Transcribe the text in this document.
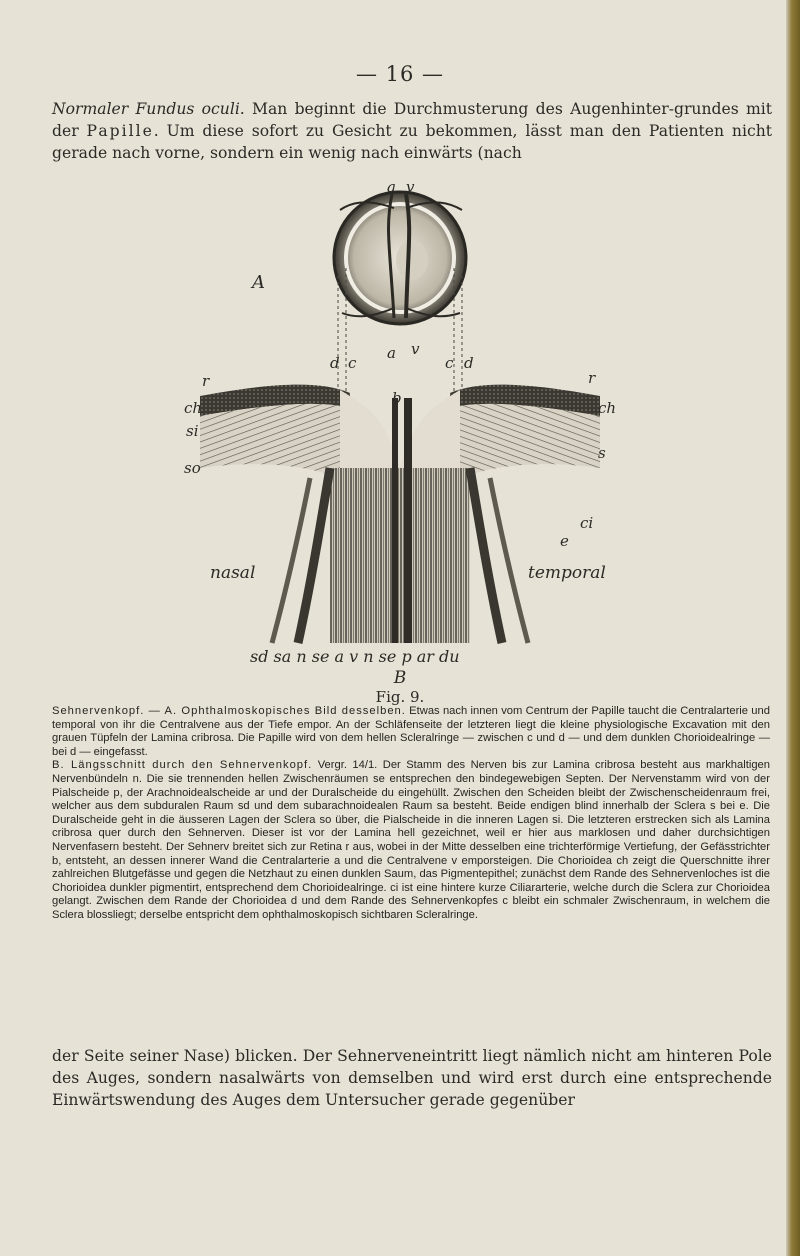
— 16 —
Normaler Fundus oculi. Man beginnt die Durchmusterung des Augenhinter-grundes mit der Papille. Um diese sofort zu Gesicht zu bekommen, lässt man den Patienten nicht gerade nach vorne, sondern ein wenig nach einwärts (nach
a v
A
d c
a v
c d
r	r
ch	ch
si
so
b
s
ci
e
nasal	temporal
sd sa n se a v n se p ar du
B
Fig. 9.

Sehnervenkopf. — A. Ophthalmoskopisches Bild desselben. Etwas nach innen vom Centrum der Papille taucht die Centralarterie und temporal von ihr die Centralvene aus der Tiefe empor. An der Schläfenseite der letzteren liegt die kleine physiologische Excavation mit den grauen Tüpfeln der Lamina cribrosa. Die Papille wird von dem hellen Scleralringe — zwischen c und d — und dem dunklen Chorioidealringe — bei d — eingefasst.

B. Längsschnitt durch den Sehnervenkopf. Vergr. 14/1. Der Stamm des Nerven bis zur Lamina cribrosa besteht aus markhaltigen Nervenbündeln n. Die sie trennenden hellen Zwischenräumen se entsprechen den bindegewebigen Septen. Der Nervenstamm wird von der Pialscheide p, der Arachnoidealscheide ar und der Duralscheide du eingehüllt. Zwischen den Scheiden bleibt der Zwischenscheidenraum frei, welcher aus dem subduralen Raum sd und dem subarachnoidealen Raum sa besteht. Beide endigen blind innerhalb der Sclera s bei e. Die Duralscheide geht in die äusseren Lagen der Sclera so über, die Pialscheide in die inneren Lagen si. Die letzteren erstrecken sich als Lamina cribrosa quer durch den Sehnerven. Dieser ist vor der Lamina hell gezeichnet, weil er hier aus marklosen und daher durchsichtigen Nervenfasern besteht. Der Sehnerv breitet sich zur Retina r aus, wobei in der Mitte desselben eine trichterförmige Vertiefung, der Gefässtrichter b, entsteht, an dessen innerer Wand die Centralarterie a und die Centralvene v emporsteigen. Die Chorioidea ch zeigt die Querschnitte ihrer zahlreichen Blutgefässe und gegen die Netzhaut zu einen dunklen Saum, das Pigmentepithel; zunächst dem Rande des Sehnervenloches ist die Chorioidea dunkler pigmentirt, entsprechend dem Chorioidealringe. ci ist eine hintere kurze Ciliararterie, welche durch die Sclera zur Chorioidea gelangt. Zwischen dem Rande der Chorioidea d und dem Rande des Sehnervenkopfes c bleibt ein schmaler Zwischenraum, in welchem die Sclera blossliegt; derselbe entspricht dem ophthalmoskopisch sichtbaren Scleralringe.

der Seite seiner Nase) blicken. Der Sehnerveneintritt liegt nämlich nicht am hinteren Pole des Auges, sondern nasalwärts von demselben und wird erst durch eine entsprechende Einwärtswendung des Auges dem Untersucher gerade gegenüber
